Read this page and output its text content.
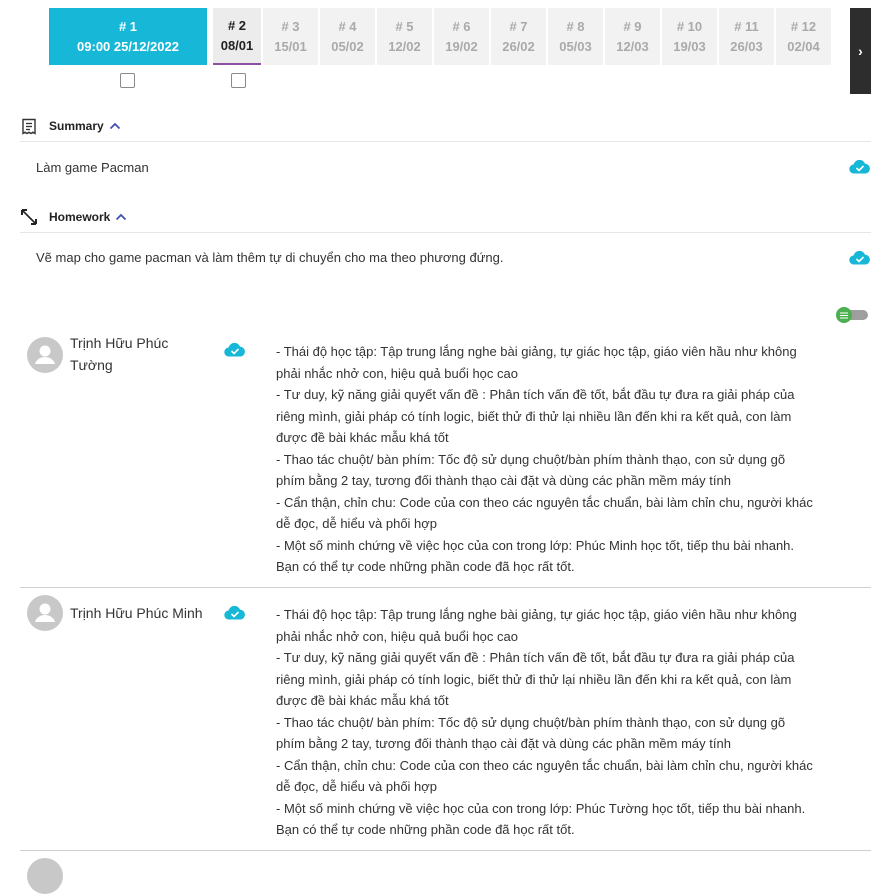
# 1
09:00 25/12/2022
# 2
08/01
# 3
15/01
# 4
05/02
# 5
12/02
# 6
19/02
# 7
26/02
# 8
05/03
# 9
12/03
# 10
19/03
# 11
26/03
# 12
02/04	›
Summary
Làm game Pacman
Homework
Vẽ map cho game pacman và làm thêm tự di chuyển cho ma theo phương đứng.
Trịnh Hữu Phúc
Tường
- Thái độ học tập: Tập trung lắng nghe bài giảng, tự giác học tập, giáo viên hầu như không
phải nhắc nhở con, hiệu quả buổi học cao
- Tư duy, kỹ năng giải quyết vấn đề : Phân tích vấn đề tốt, bắt đầu tự đưa ra giải pháp của
riêng mình, giải pháp có tính logic, biết thử đi thử lại nhiều lần đến khi ra kết quả, con làm
được đề bài khác mẫu khá tốt
- Thao tác chuột/ bàn phím: Tốc độ sử dụng chuột/bàn phím thành thạo, con sử dụng gõ
phím bằng 2 tay, tương đối thành thạo cài đặt và dùng các phần mềm máy tính
- Cẩn thận, chỉn chu: Code của con theo các nguyên tắc chuẩn, bài làm chỉn chu, người khác
dễ đọc, dễ hiểu và phối hợp
- Một số minh chứng về việc học của con trong lớp: Phúc Minh học tốt, tiếp thu bài nhanh.
Bạn có thể tự code những phần code đã học rất tốt.
Trịnh Hữu Phúc Minh	- Thái độ học tập: Tập trung lắng nghe bài giảng, tự giác học tập, giáo viên hầu như không
phải nhắc nhở con, hiệu quả buổi học cao
- Tư duy, kỹ năng giải quyết vấn đề : Phân tích vấn đề tốt, bắt đầu tự đưa ra giải pháp của
riêng mình, giải pháp có tính logic, biết thử đi thử lại nhiều lần đến khi ra kết quả, con làm
được đề bài khác mẫu khá tốt
- Thao tác chuột/ bàn phím: Tốc độ sử dụng chuột/bàn phím thành thạo, con sử dụng gõ
phím bằng 2 tay, tương đối thành thạo cài đặt và dùng các phần mềm máy tính
- Cẩn thận, chỉn chu: Code của con theo các nguyên tắc chuẩn, bài làm chỉn chu, người khác
dễ đọc, dễ hiểu và phối hợp
- Một số minh chứng về việc học của con trong lớp: Phúc Tường học tốt, tiếp thu bài nhanh.
Bạn có thể tự code những phần code đã học rất tốt.
